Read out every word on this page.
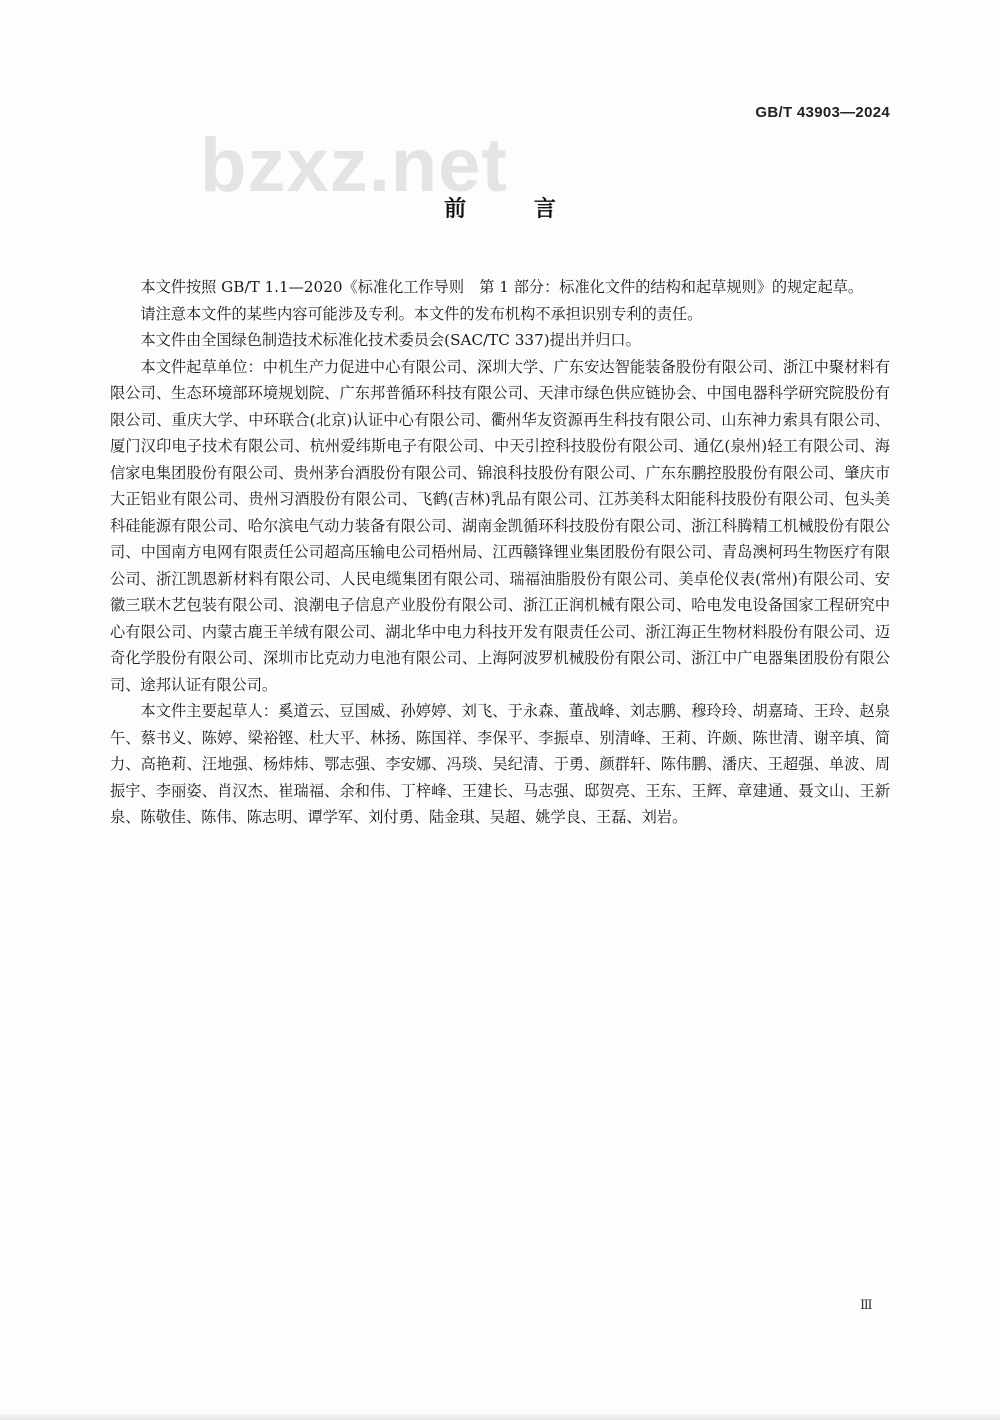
GB/T 43903—2024
bzxz.net
前 言

本文件按照 GB/T 1.1—2020《标准化工作导则　第 1 部分：标准化文件的结构和起草规则》的规定起草。

请注意本文件的某些内容可能涉及专利。本文件的发布机构不承担识别专利的责任。

本文件由全国绿色制造技术标准化技术委员会(SAC/TC 337)提出并归口。

本文件起草单位：中机生产力促进中心有限公司、深圳大学、广东安达智能装备股份有限公司、浙江中聚材料有限公司、生态环境部环境规划院、广东邦普循环科技有限公司、天津市绿色供应链协会、中国电器科学研究院股份有限公司、重庆大学、中环联合(北京)认证中心有限公司、衢州华友资源再生科技有限公司、山东神力索具有限公司、厦门汉印电子技术有限公司、杭州爱纬斯电子有限公司、中天引控科技股份有限公司、通亿(泉州)轻工有限公司、海信家电集团股份有限公司、贵州茅台酒股份有限公司、锦浪科技股份有限公司、广东东鹏控股股份有限公司、肇庆市大正铝业有限公司、贵州习酒股份有限公司、飞鹤(吉林)乳品有限公司、江苏美科太阳能科技股份有限公司、包头美科硅能源有限公司、哈尔滨电气动力装备有限公司、湖南金凯循环科技股份有限公司、浙江科腾精工机械股份有限公司、中国南方电网有限责任公司超高压输电公司梧州局、江西赣锋锂业集团股份有限公司、青岛澳柯玛生物医疗有限公司、浙江凯恩新材料有限公司、人民电缆集团有限公司、瑞福油脂股份有限公司、美卓伦仪表(常州)有限公司、安徽三联木艺包装有限公司、浪潮电子信息产业股份有限公司、浙江正润机械有限公司、哈电发电设备国家工程研究中心有限公司、内蒙古鹿王羊绒有限公司、湖北华中电力科技开发有限责任公司、浙江海正生物材料股份有限公司、迈奇化学股份有限公司、深圳市比克动力电池有限公司、上海阿波罗机械股份有限公司、浙江中广电器集团股份有限公司、途邦认证有限公司。

本文件主要起草人：奚道云、豆国威、孙婷婷、刘飞、于永森、董战峰、刘志鹏、穆玲玲、胡嘉琦、王玲、赵泉午、蔡书义、陈婷、梁裕铿、杜大平、林扬、陈国祥、李保平、李振卓、别清峰、王莉、许颇、陈世清、谢辛填、简力、高艳莉、汪地强、杨炜炜、鄂志强、李安娜、冯琰、吴纪清、于勇、颜群轩、陈伟鹏、潘庆、王超强、单波、周振宇、李丽姿、肖汉杰、崔瑞福、余和伟、丁梓峰、王建长、马志强、邸贺亮、王东、王辉、章建通、聂文山、王新泉、陈敬佳、陈伟、陈志明、谭学军、刘付勇、陆金琪、吴超、姚学良、王磊、刘岩。

Ⅲ
